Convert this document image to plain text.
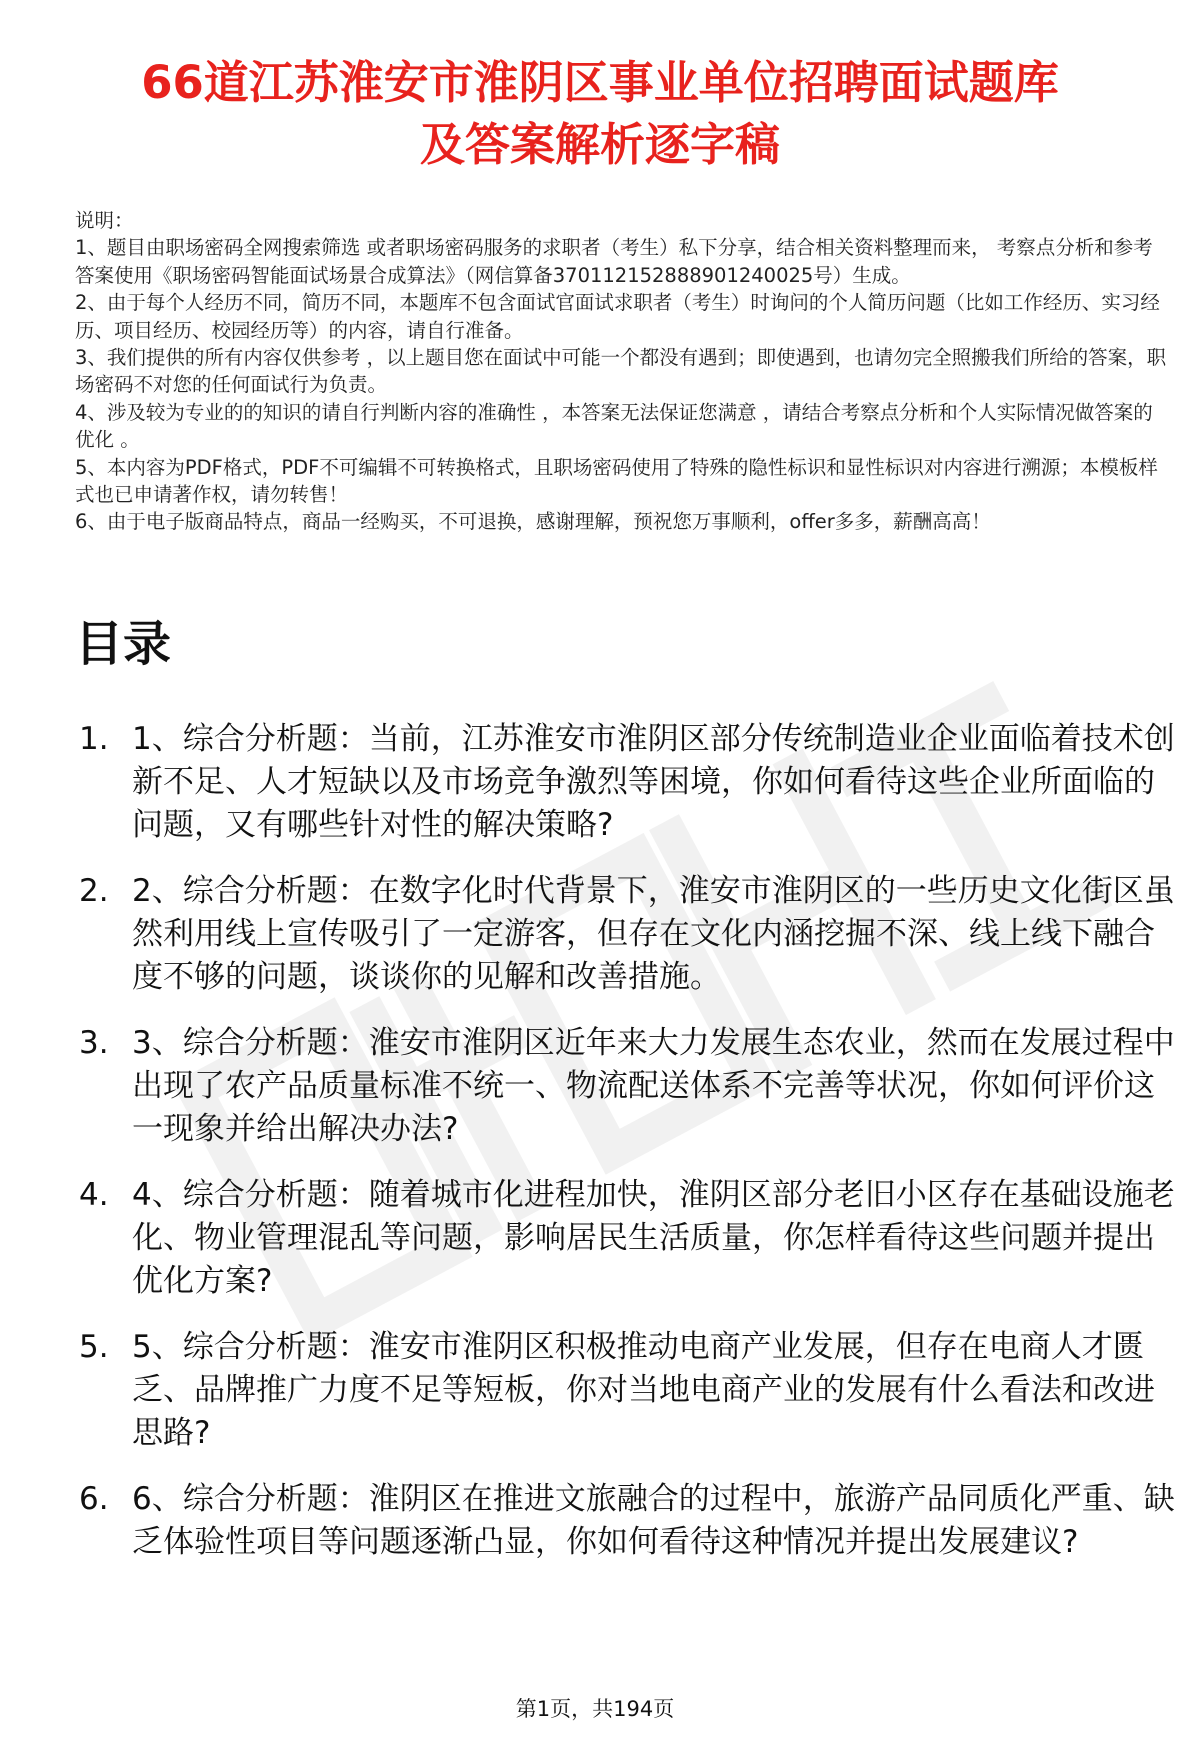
66道江苏淮安市淮阴区事业单位招聘面试题库
及答案解析逐字稿
说明：
1、题目由职场密码全网搜索筛选 或者职场密码服务的求职者（考生）私下分享，结合相关资料整理而来， 考察点分析和参考答案使用《职场密码智能面试场景合成算法》（网信算备370112152888901240025号）生成。
2、由于每个人经历不同，简历不同，本题库不包含面试官面试求职者（考生）时询问的个人简历问题（比如工作经历、实习经历、项目经历、校园经历等）的内容，请自行准备。
3、我们提供的所有内容仅供参考 ，以上题目您在面试中可能一个都没有遇到；即使遇到，也请勿完全照搬我们所给的答案，职场密码不对您的任何面试行为负责。
4、涉及较为专业的的知识的请自行判断内容的准确性 ，本答案无法保证您满意 ，请结合考察点分析和个人实际情况做答案的优化 。
5、本内容为PDF格式，PDF不可编辑不可转换格式，且职场密码使用了特殊的隐性标识和显性标识对内容进行溯源；本模板样式也已申请著作权，请勿转售！
6、由于电子版商品特点，商品一经购买，不可退换，感谢理解，预祝您万事顺利，offer多多，薪酬高高！
目录
1. 1、综合分析题：当前，江苏淮安市淮阴区部分传统制造业企业面临着技术创新不足、人才短缺以及市场竞争激烈等困境，你如何看待这些企业所面临的问题，又有哪些针对性的解决策略?
2. 2、综合分析题：在数字化时代背景下，淮安市淮阴区的一些历史文化街区虽然利用线上宣传吸引了一定游客，但存在文化内涵挖掘不深、线上线下融合度不够的问题，谈谈你的见解和改善措施。
3. 3、综合分析题：淮安市淮阴区近年来大力发展生态农业，然而在发展过程中出现了农产品质量标准不统一、物流配送体系不完善等状况，你如何评价这一现象并给出解决办法?
4. 4、综合分析题：随着城市化进程加快，淮阴区部分老旧小区存在基础设施老化、物业管理混乱等问题，影响居民生活质量，你怎样看待这些问题并提出优化方案?
5. 5、综合分析题：淮安市淮阴区积极推动电商产业发展，但存在电商人才匮乏、品牌推广力度不足等短板，你对当地电商产业的发展有什么看法和改进思路?
6. 6、综合分析题：淮阴区在推进文旅融合的过程中，旅游产品同质化严重、缺乏体验性项目等问题逐渐凸显，你如何看待这种情况并提出发展建议?
第1页，共194页
